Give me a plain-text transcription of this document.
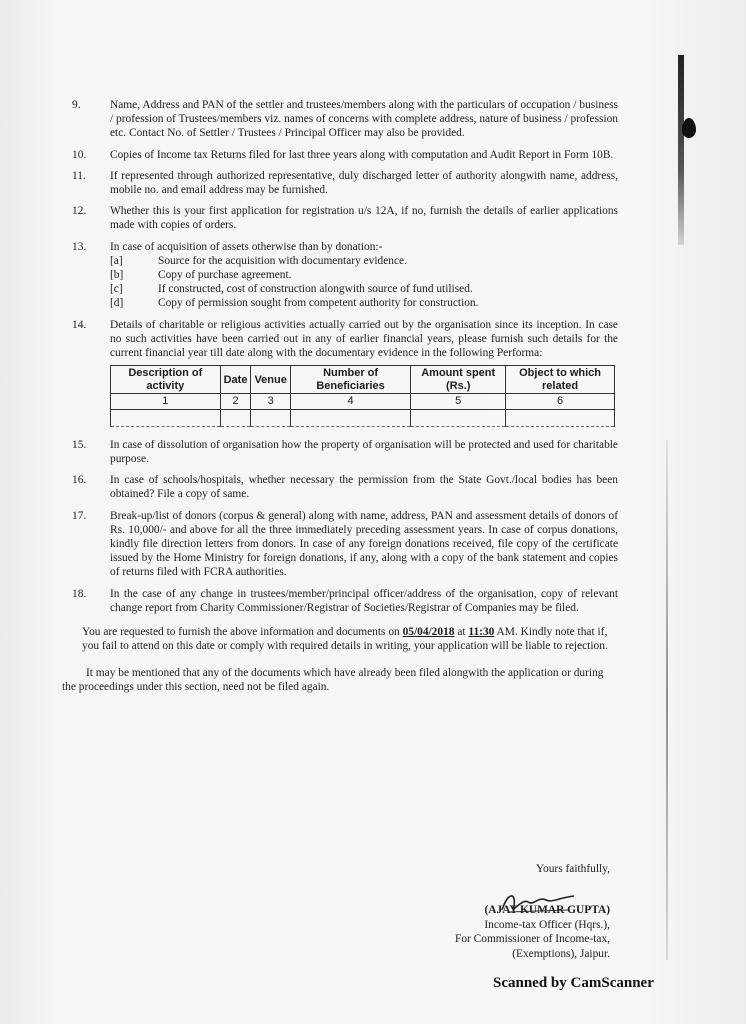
9.	Name, Address and PAN of the settler and trustees/members along with the particulars of occupation / business / profession of Trustees/members viz. names of concerns with complete address, nature of business / profession etc. Contact No. of Settler / Trustees / Principal Officer may also be provided.
10.	Copies of Income tax Returns filed for last three years along with computation and Audit Report in Form 10B.
11.	If represented through authorized representative, duly discharged letter of authority alongwith name, address, mobile no. and email address may be furnished.
12.	Whether this is your first application for registration u/s 12A, if no, furnish the details of earlier applications made with copies of orders.
13.	In case of acquisition of assets otherwise than by donation:-
[a]	Source for the acquisition with documentary evidence.
[b]	Copy of purchase agreement.
[c]	If constructed, cost of construction alongwith source of fund utilised.
[d]	Copy of permission sought from competent authority for construction.
14.	Details of charitable or religious activities actually carried out by the organisation since its inception. In case no such activities have been carried out in any of earlier financial years, please furnish such details for the current financial year till date along with the documentary evidence in the following Performa:
Description of activity	Date	Venue	Number of Beneficiaries	Amount spent (Rs.)	Object to which related
1	2	3	4	5	6

15.	In case of dissolution of organisation how the property of organisation will be protected and used for charitable purpose.
16.	In case of schools/hospitals, whether necessary the permission from the State Govt./local bodies has been obtained? File a copy of same.
17.	Break-up/list of donors (corpus & general) along with name, address, PAN and assessment details of donors of Rs. 10,000/- and above for all the three immediately preceding assessment years. In case of corpus donations, kindly file direction letters from donors. In case of any foreign donations received, file copy of the certificate issued by the Home Ministry for foreign donations, if any, along with a copy of the bank statement and copies of returns filed with FCRA authorities.
18.	In the case of any change in trustees/member/principal officer/address of the organisation, copy of relevant change report from Charity Commissioner/Registrar of Societies/Registrar of Companies may be filed.

You are requested to furnish the above information and documents on 05/04/2018 at 11:30 AM. Kindly note that if, you fail to attend on this date or comply with required details in writing, your application will be liable to rejection.

It may be mentioned that any of the documents which have already been filed alongwith the application or during the proceedings under this section, need not be filed again.

Yours faithfully,
(AJAY KUMAR GUPTA)
Income-tax Officer (Hqrs.),
For Commissioner of Income-tax,
(Exemptions), Jaipur.
Scanned by CamScanner
